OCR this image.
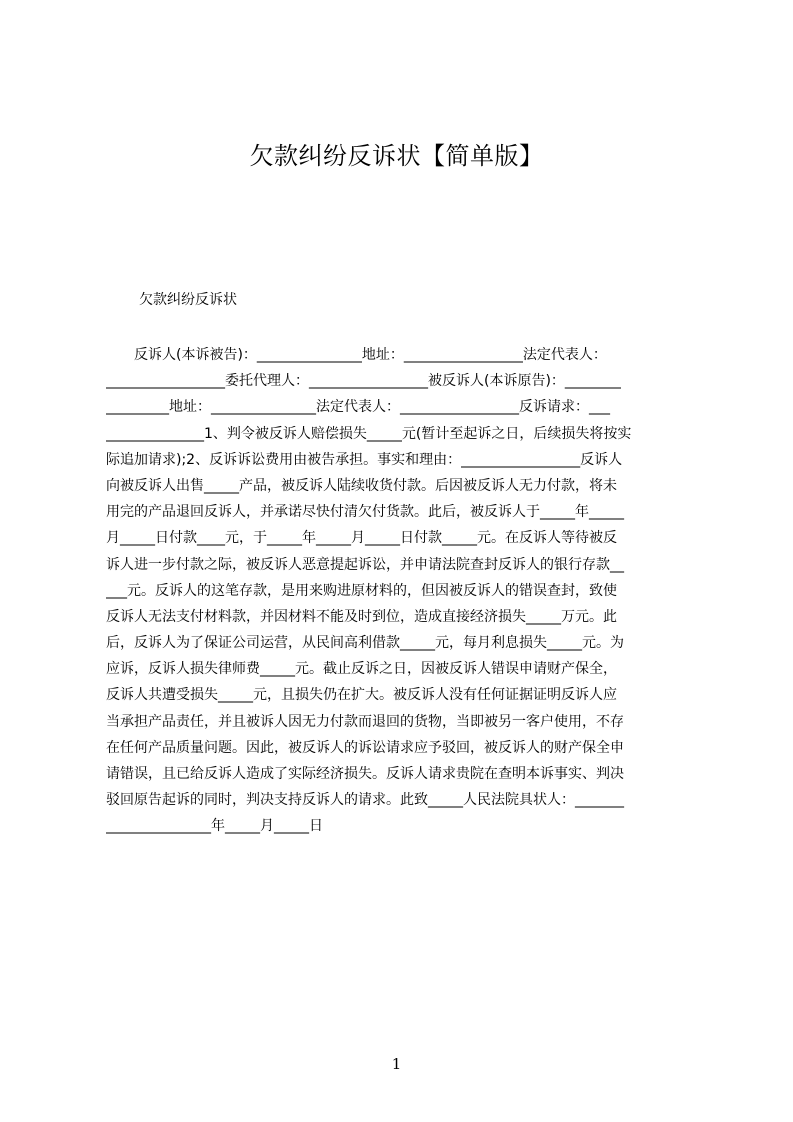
欠款纠纷反诉状【简单版】
欠款纠纷反诉状
　　反诉人(本诉被告)：_______________地址：_________________法定代表人：
_________________委托代理人：_________________被反诉人(本诉原告)：________
_________地址：_______________法定代表人：_________________反诉请求：___
______________1、判令被反诉人赔偿损失_____元(暂计至起诉之日，后续损失将按实
际追加请求);2、反诉诉讼费用由被告承担。事实和理由：_________________反诉人
向被反诉人出售_____产品，被反诉人陆续收货付款。后因被反诉人无力付款，将未
用完的产品退回反诉人，并承诺尽快付清欠付货款。此后，被反诉人于_____年_____
月_____日付款____元，于_____年_____月_____日付款_____元。在反诉人等待被反
诉人进一步付款之际，被反诉人恶意提起诉讼，并申请法院查封反诉人的银行存款__
___元。反诉人的这笔存款，是用来购进原材料的，但因被反诉人的错误查封，致使
反诉人无法支付材料款，并因材料不能及时到位，造成直接经济损失_____万元。此
后，反诉人为了保证公司运营，从民间高利借款_____元，每月利息损失_____元。为
应诉，反诉人损失律师费_____元。截止反诉之日，因被反诉人错误申请财产保全，
反诉人共遭受损失_____元，且损失仍在扩大。被反诉人没有任何证据证明反诉人应
当承担产品责任，并且被诉人因无力付款而退回的货物，当即被另一客户使用，不存
在任何产品质量问题。因此，被反诉人的诉讼请求应予驳回，被反诉人的财产保全申
请错误，且已给反诉人造成了实际经济损失。反诉人请求贵院在查明本诉事实、判决
驳回原告起诉的同时，判决支持反诉人的请求。此致_____人民法院具状人：_______
_______________年_____月_____日
1
